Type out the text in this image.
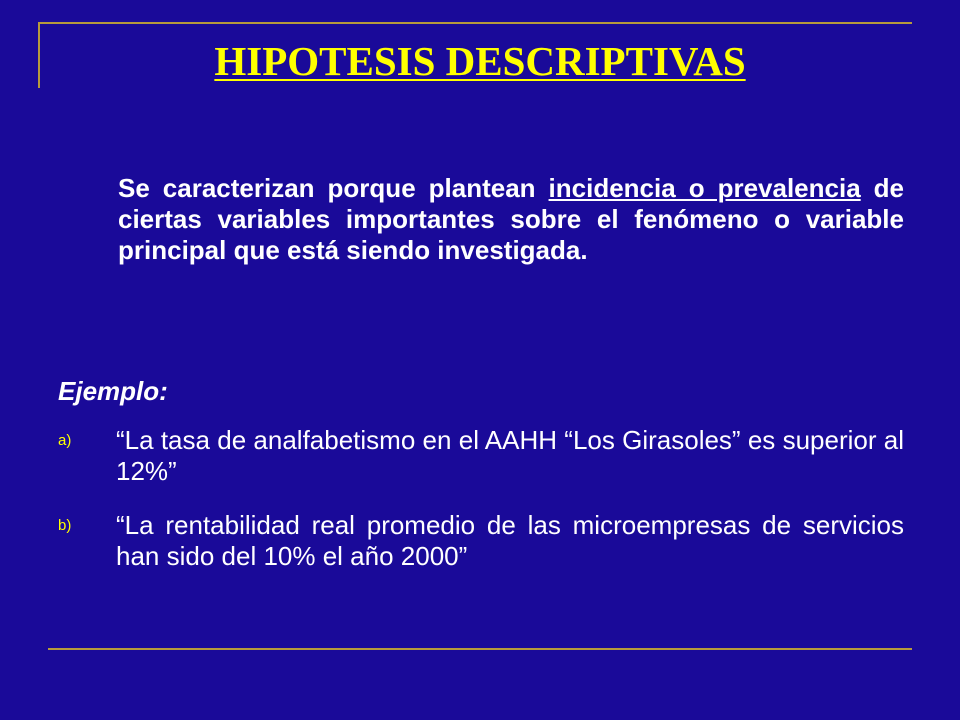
HIPOTESIS DESCRIPTIVAS

Se caracterizan porque plantean incidencia o prevalencia de ciertas variables importantes sobre el fenómeno o variable principal que está siendo investigada.

Ejemplo:
a) “La tasa de analfabetismo en el AAHH “Los Girasoles” es superior al 12%”
b) “La rentabilidad real promedio de las microempresas de servicios han sido del 10% el año 2000”
